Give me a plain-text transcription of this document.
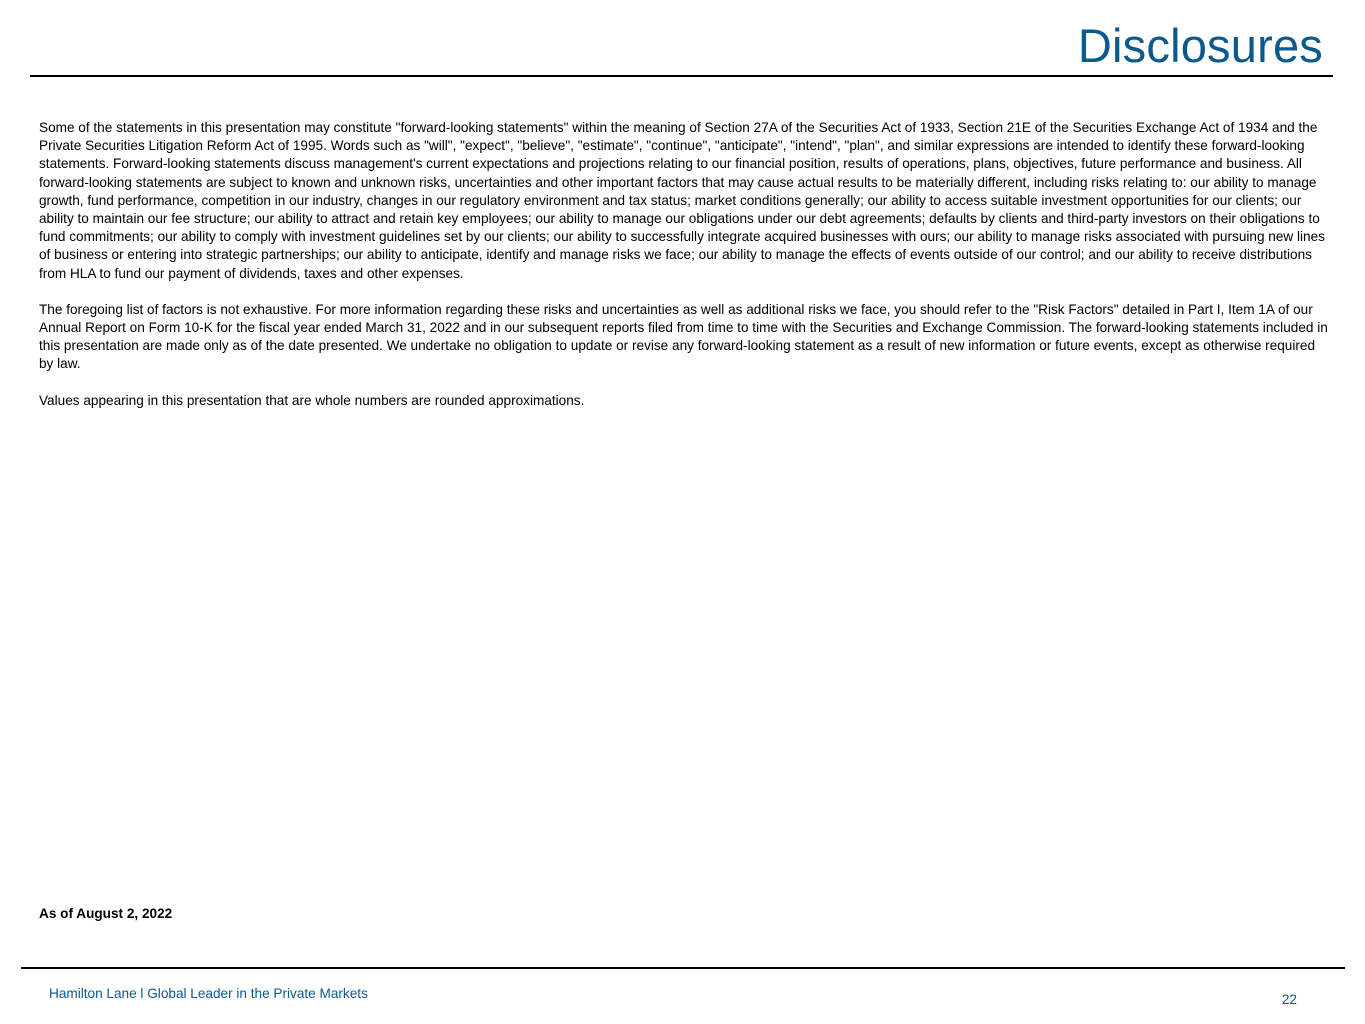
Disclosures

Some of the statements in this presentation may constitute "forward-looking statements" within the meaning of Section 27A of the Securities Act of 1933, Section 21E of the Securities Exchange Act of 1934 and the Private Securities Litigation Reform Act of 1995. Words such as "will", "expect", "believe", "estimate", "continue", "anticipate", "intend", "plan", and similar expressions are intended to identify these forward-looking statements. Forward-looking statements discuss management's current expectations and projections relating to our financial position, results of operations, plans, objectives, future performance and business. All forward-looking statements are subject to known and unknown risks, uncertainties and other important factors that may cause actual results to be materially different, including risks relating to: our ability to manage growth, fund performance, competition in our industry, changes in our regulatory environment and tax status; market conditions generally; our ability to access suitable investment opportunities for our clients; our ability to maintain our fee structure; our ability to attract and retain key employees; our ability to manage our obligations under our debt agreements; defaults by clients and third-party investors on their obligations to fund commitments; our ability to comply with investment guidelines set by our clients; our ability to successfully integrate acquired businesses with ours; our ability to manage risks associated with pursuing new lines of business or entering into strategic partnerships; our ability to anticipate, identify and manage risks we face; our ability to manage the effects of events outside of our control; and our ability to receive distributions from HLA to fund our payment of dividends, taxes and other expenses.

The foregoing list of factors is not exhaustive. For more information regarding these risks and uncertainties as well as additional risks we face, you should refer to the "Risk Factors" detailed in Part I, Item 1A of our Annual Report on Form 10-K for the fiscal year ended March 31, 2022 and in our subsequent reports filed from time to time with the Securities and Exchange Commission. The forward-looking statements included in this presentation are made only as of the date presented. We undertake no obligation to update or revise any forward-looking statement as a result of new information or future events, except as otherwise required by law.

Values appearing in this presentation that are whole numbers are rounded approximations.

As of August 2, 2022
Hamilton Lane l Global Leader in the Private Markets	22
